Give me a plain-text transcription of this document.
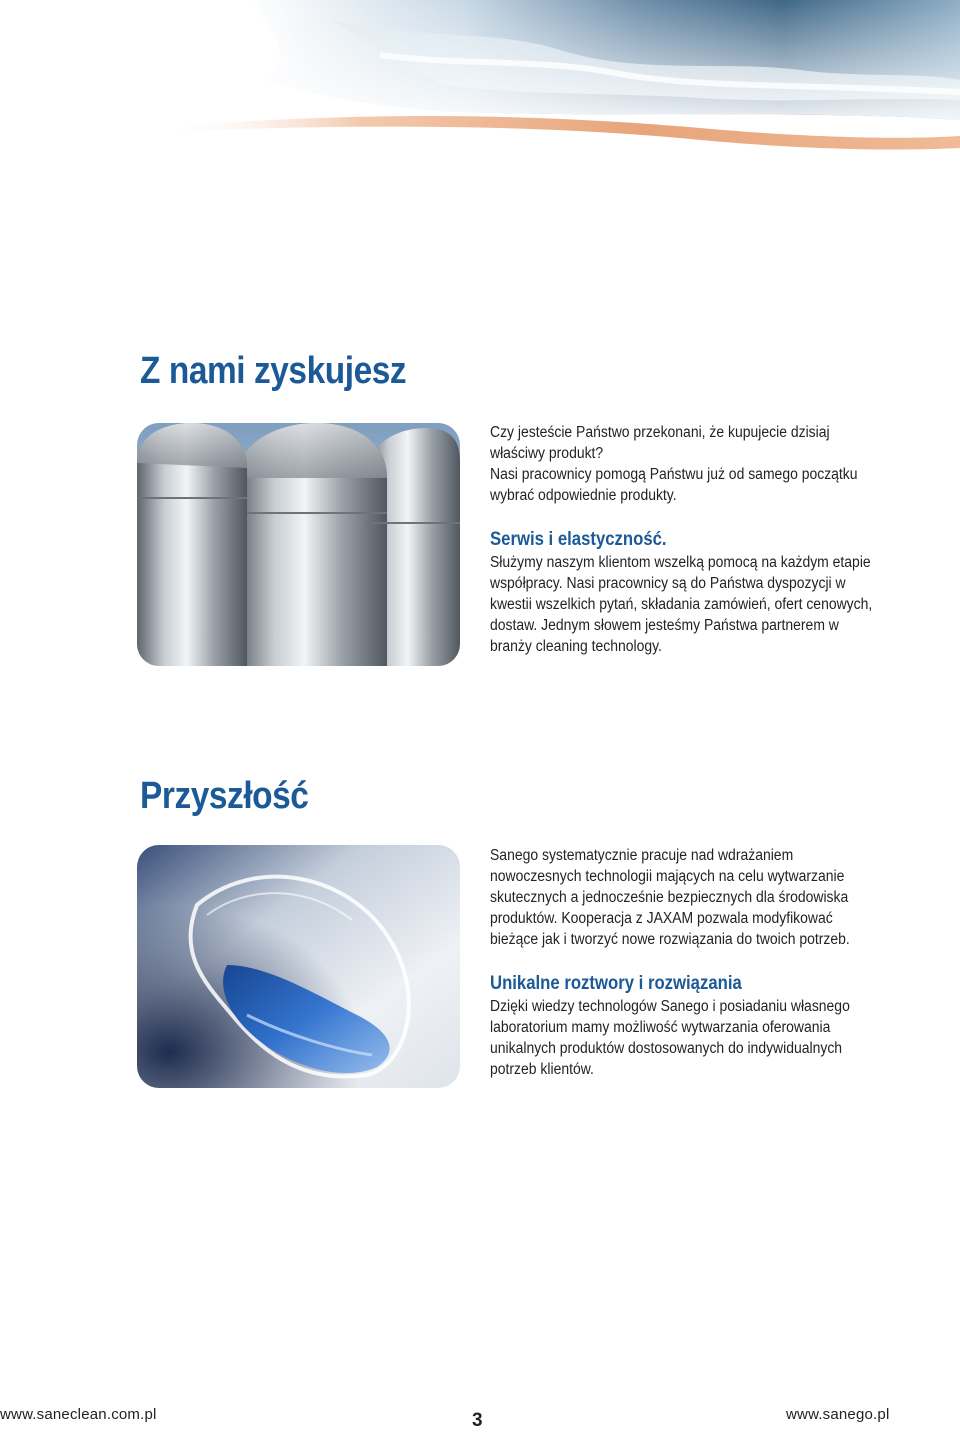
Z nami zyskujesz

Czy jesteście Państwo przekonani, że kupujecie dzisiaj

właściwy produkt?

Nasi pracownicy pomogą Państwu już od samego początku

wybrać odpowiednie produkty.

Serwis i elastyczność.

Służymy naszym klientom wszelką pomocą na każdym etapie

współpracy. Nasi pracownicy są do Państwa dyspozycji w

kwestii wszelkich pytań, składania zamówień, ofert cenowych,

dostaw. Jednym słowem jesteśmy Państwa partnerem w

branży cleaning technology.

Przyszłość

Sanego systematycznie pracuje nad wdrażaniem

nowoczesnych technologii mających na celu wytwarzanie

skutecznych a jednocześnie bezpiecznych dla środowiska

produktów. Kooperacja z JAXAM pozwala modyfikować

bieżące jak i tworzyć nowe rozwiązania do twoich potrzeb.

Unikalne roztwory i rozwiązania

Dzięki wiedzy technologów Sanego i posiadaniu własnego

laboratorium mamy możliwość wytwarzania oferowania

unikalnych produktów dostosowanych do indywidualnych

potrzeb klientów.

www.saneclean.com.pl	3	www.sanego.pl
